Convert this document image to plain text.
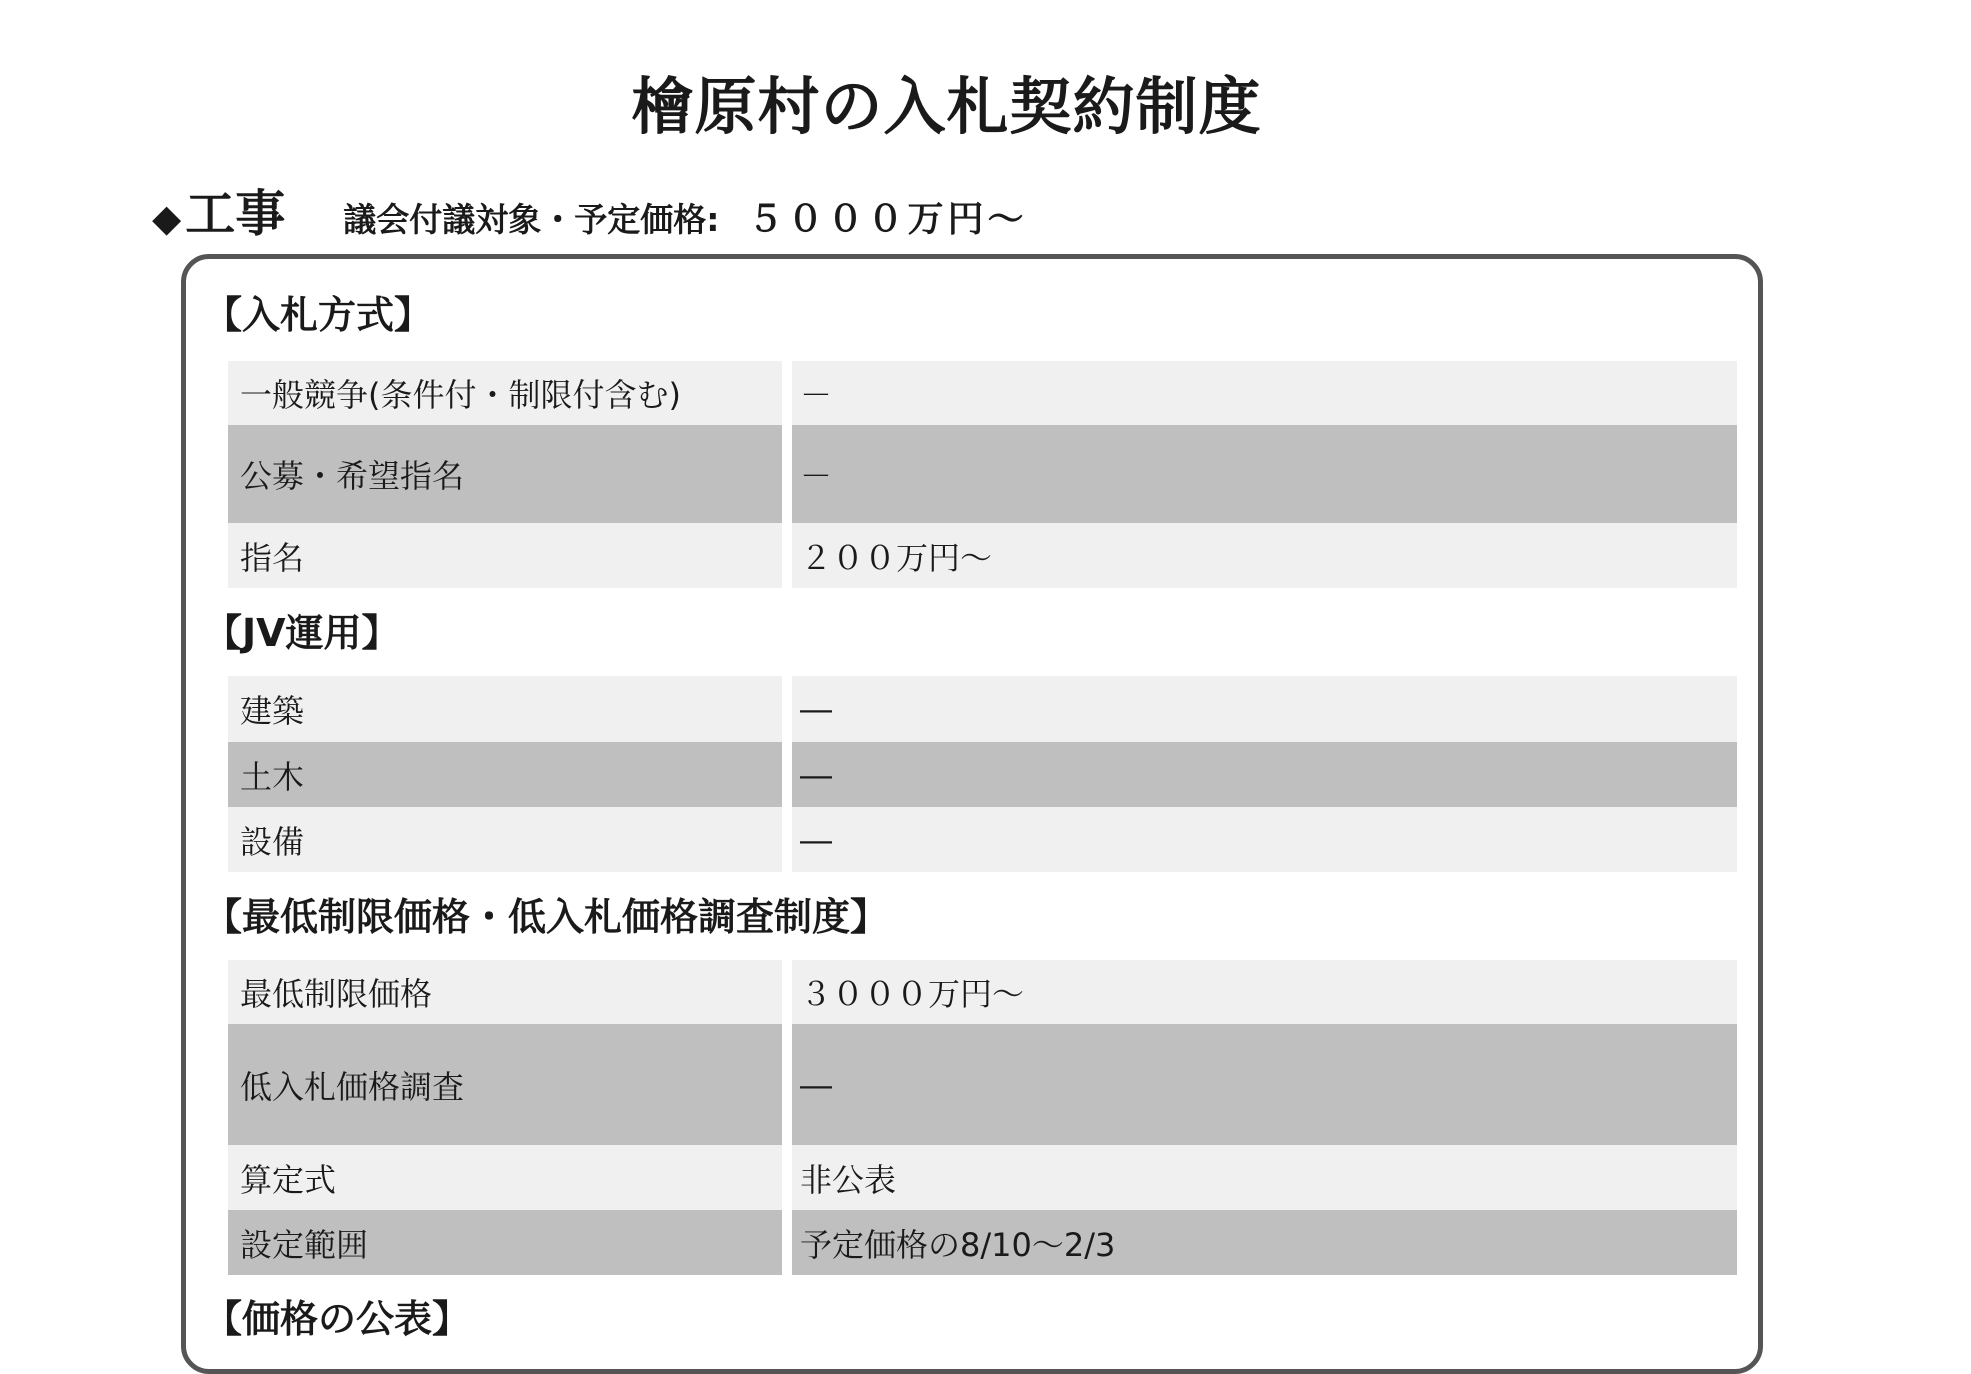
檜原村の入札契約制度
◆ 工事 議会付議対象・予定価格: ５０００万円～
【入札方式】
一般競争(条件付・制限付含む)	－
公募・希望指名	－
指名	２００万円～
【JV運用】
建築	―
土木	―
設備	―
【最低制限価格・低入札価格調査制度】
最低制限価格	３０００万円～
低入札価格調査	―
算定式	非公表
設定範囲	予定価格の8/10～2/3
【価格の公表】
